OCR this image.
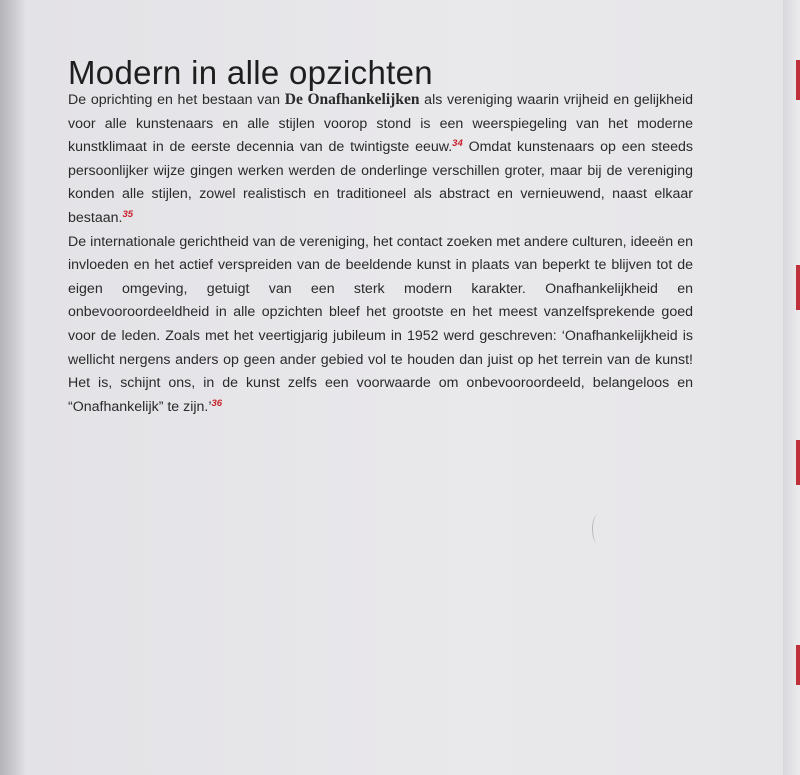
Modern in alle opzichten

De oprichting en het bestaan van De Onafhankelijken als vereniging waarin vrijheid en gelijkheid voor alle kunstenaars en alle stijlen voorop stond is een weerspiegeling van het moderne kunstklimaat in de eerste decennia van de twintigste eeuw.$^{34}$ Omdat kunstenaars op een steeds persoonlijker wijze gingen werken werden de onderlinge verschillen groter, maar bij de vereniging konden alle stijlen, zowel realistisch en traditioneel als abstract en vernieuwend, naast elkaar bestaan.$^{35}$

De internationale gerichtheid van de vereniging, het contact zoeken met andere culturen, ideeën en invloeden en het actief verspreiden van de beeldende kunst in plaats van beperkt te blijven tot de eigen omgeving, getuigt van een sterk modern karakter. Onafhankelijkheid en onbevooroordeeldheid in alle opzichten bleef het grootste en het meest vanzelfsprekende goed voor de leden. Zoals met het veertigjarig jubileum in 1952 werd geschreven: ‘Onafhankelijkheid is wellicht nergens anders op geen ander gebied vol te houden dan juist op het terrein van de kunst! Het is, schijnt ons, in de kunst zelfs een voorwaarde om onbevooroordeeld, belangeloos en “Onafhankelijk” te zijn.’$^{36}$
